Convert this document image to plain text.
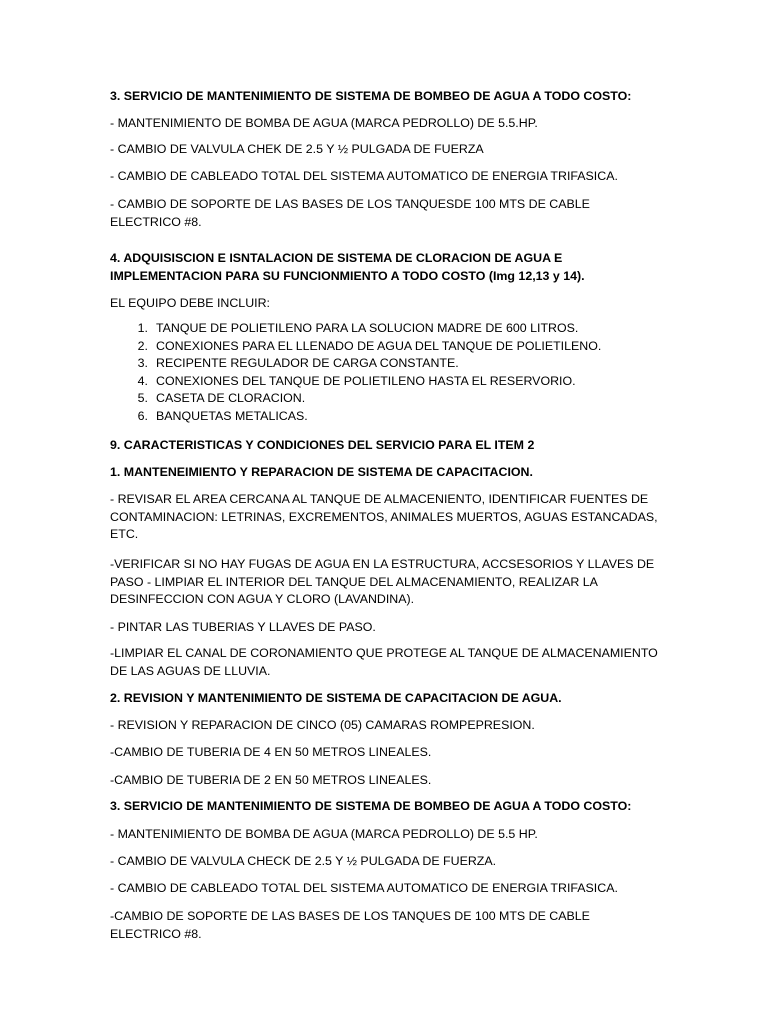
3. SERVICIO DE MANTENIMIENTO DE SISTEMA DE BOMBEO DE AGUA A TODO COSTO:

- MANTENIMIENTO DE BOMBA DE AGUA (MARCA PEDROLLO) DE 5.5.HP.

- CAMBIO DE VALVULA CHEK DE 2.5 Y ½ PULGADA DE FUERZA

- CAMBIO DE CABLEADO TOTAL DEL SISTEMA AUTOMATICO DE ENERGIA TRIFASICA.

- CAMBIO DE SOPORTE DE LAS BASES DE LOS TANQUESDE 100 MTS DE CABLE ELECTRICO #8.

4. ADQUISISCION E ISNTALACION DE SISTEMA DE CLORACION DE AGUA E IMPLEMENTACION PARA SU FUNCIONMIENTO A TODO COSTO (Img 12,13 y 14).

EL EQUIPO DEBE INCLUIR:

1. TANQUE DE POLIETILENO PARA LA SOLUCION MADRE DE 600 LITROS.
2. CONEXIONES PARA EL LLENADO DE AGUA DEL TANQUE DE POLIETILENO.
3. RECIPENTE REGULADOR DE CARGA CONSTANTE.
4. CONEXIONES DEL TANQUE DE POLIETILENO HASTA EL RESERVORIO.
5. CASETA DE CLORACION.
6. BANQUETAS METALICAS.

9. CARACTERISTICAS Y CONDICIONES DEL SERVICIO PARA EL ITEM 2

1. MANTENEIMIENTO Y REPARACION DE SISTEMA DE CAPACITACION.

- REVISAR EL AREA CERCANA AL TANQUE DE ALMACENIENTO, IDENTIFICAR FUENTES DE CONTAMINACION: LETRINAS, EXCREMENTOS, ANIMALES MUERTOS, AGUAS ESTANCADAS, ETC.

-VERIFICAR SI NO HAY FUGAS DE AGUA EN LA ESTRUCTURA, ACCSESORIOS Y LLAVES DE PASO - LIMPIAR EL INTERIOR DEL TANQUE DEL ALMACENAMIENTO, REALIZAR LA DESINFECCION CON AGUA Y CLORO (LAVANDINA).

- PINTAR LAS TUBERIAS Y LLAVES DE PASO.

-LIMPIAR EL CANAL DE CORONAMIENTO QUE PROTEGE AL TANQUE DE ALMACENAMIENTO DE LAS AGUAS DE LLUVIA.

2. REVISION Y MANTENIMIENTO DE SISTEMA DE CAPACITACION DE AGUA.

- REVISION Y REPARACION DE CINCO (05) CAMARAS ROMPEPRESION.

-CAMBIO DE TUBERIA DE 4 EN 50 METROS LINEALES.

-CAMBIO DE TUBERIA DE 2 EN 50 METROS LINEALES.

3. SERVICIO DE MANTENIMIENTO DE SISTEMA DE BOMBEO DE AGUA A TODO COSTO:

- MANTENIMIENTO DE BOMBA DE AGUA (MARCA PEDROLLO) DE 5.5 HP.

- CAMBIO DE VALVULA CHECK DE 2.5 Y ½ PULGADA DE FUERZA.

- CAMBIO DE CABLEADO TOTAL DEL SISTEMA AUTOMATICO DE ENERGIA TRIFASICA.

-CAMBIO DE SOPORTE DE LAS BASES DE LOS TANQUES DE 100 MTS DE CABLE ELECTRICO #8.
